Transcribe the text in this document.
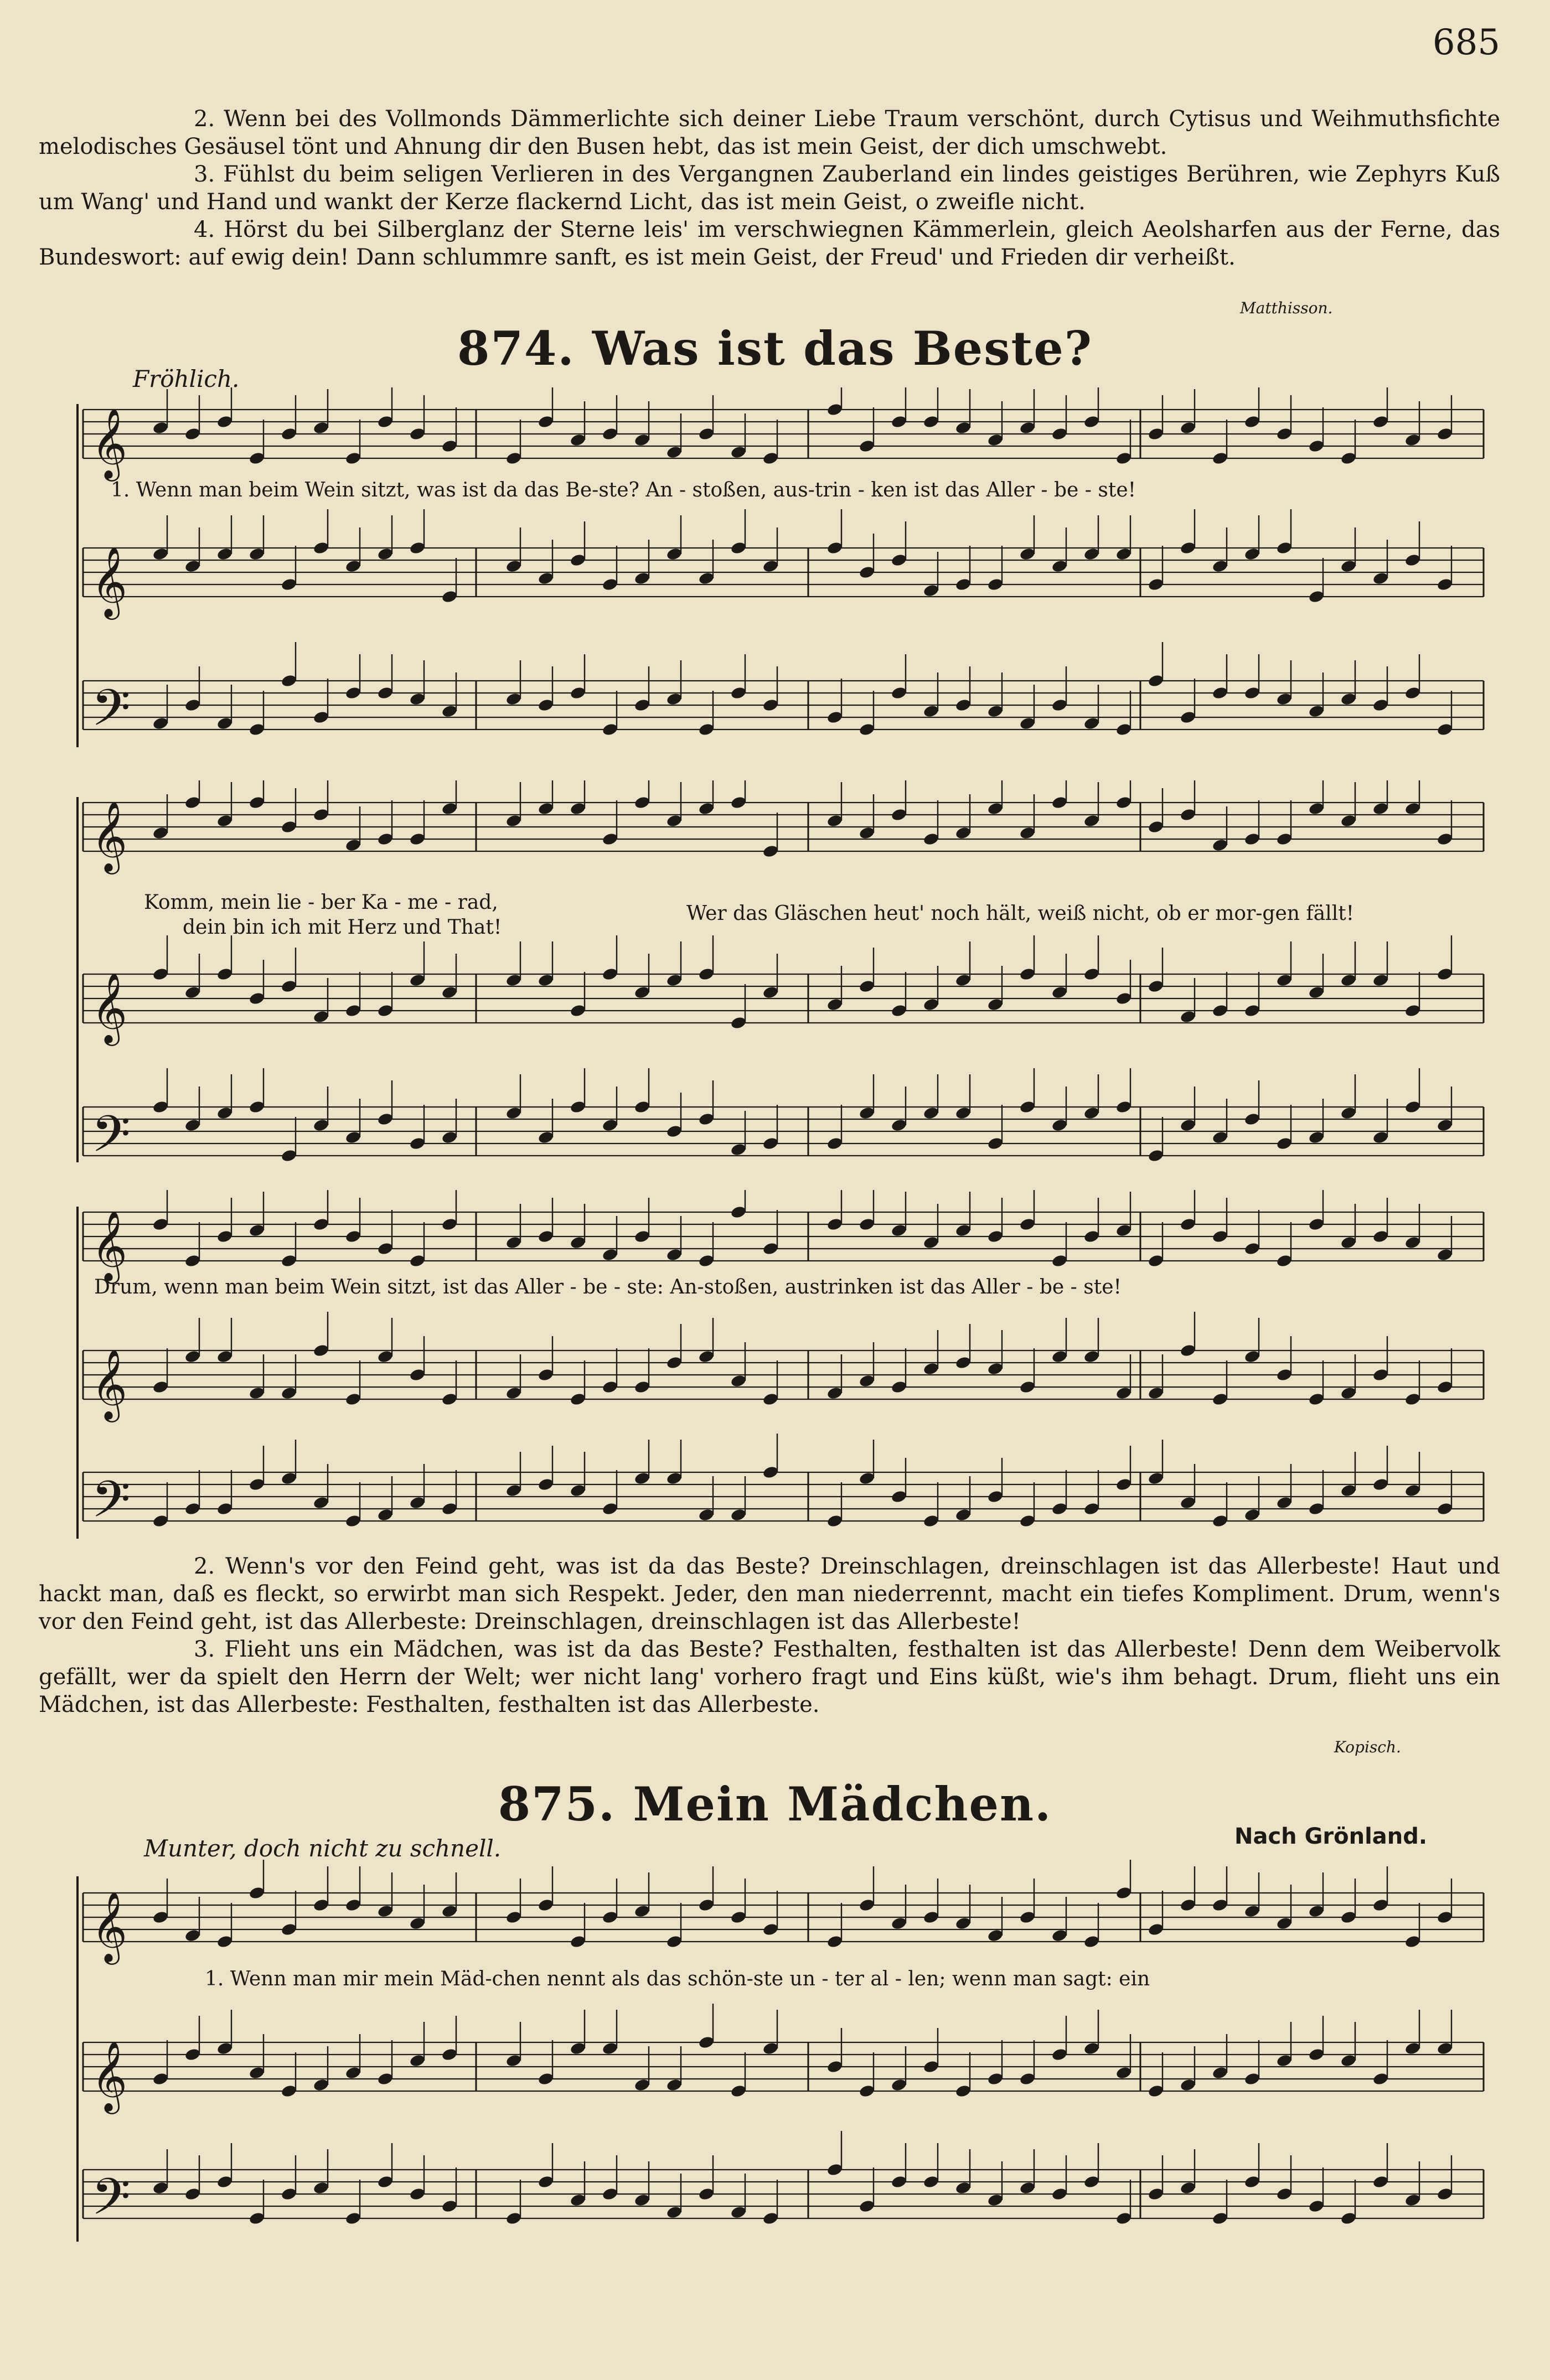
685

2. Wenn bei des Vollmonds Dämmerlichte sich deiner Liebe Traum verschönt, durch Cytisus und Weihmuthsfichte melodisches Gesäusel tönt und Ahnung dir den Busen hebt, das ist mein Geist, der dich umschwebt.

3. Fühlst du beim seligen Verlieren in des Vergangnen Zauberland ein lindes geistiges Berühren, wie Zephyrs Kuß um Wang' und Hand und wankt der Kerze flackernd Licht, das ist mein Geist, o zweifle nicht.

4. Hörst du bei Silberglanz der Sterne leis' im verschwiegnen Kämmerlein, gleich Aeolsharfen aus der Ferne, das Bundeswort: auf ewig dein! Dann schlummre sanft, es ist mein Geist, der Freud' und Frieden dir verheißt.

Matthisson.
874. Was ist das Beste?
Fröhlich.
𝄞
𝄞
𝄢
1. Wenn man beim Wein sitzt, was ist da das Be-ste? An - stoßen, aus-trin - ken ist das Aller - be - ste!
𝄞
𝄞
𝄢
Komm, mein lie - ber Ka - me - rad,
dein bin ich mit Herz und That!
Wer das Gläschen heut' noch hält, weiß nicht, ob er mor-gen fällt!
𝄞
𝄞
𝄢
Drum, wenn man beim Wein sitzt, ist das Aller - be - ste: An-stoßen, austrinken ist das Aller - be - ste!

2. Wenn's vor den Feind geht, was ist da das Beste? Dreinschlagen, dreinschlagen ist das Allerbeste! Haut und hackt man, daß es fleckt, so erwirbt man sich Respekt. Jeder, den man niederrennt, macht ein tiefes Kompliment. Drum, wenn's vor den Feind geht, ist das Allerbeste: Dreinschlagen, dreinschlagen ist das Allerbeste!

3. Flieht uns ein Mädchen, was ist da das Beste? Festhalten, festhalten ist das Allerbeste! Denn dem Weibervolk gefällt, wer da spielt den Herrn der Welt; wer nicht lang' vorhero fragt und Eins küßt, wie's ihm behagt. Drum, flieht uns ein Mädchen, ist das Allerbeste: Festhalten, festhalten ist das Allerbeste.

Kopisch.
875. Mein Mädchen.
Munter, doch nicht zu schnell.	Nach Grönland.
𝄞
𝄞
𝄢
1. Wenn man mir mein Mäd-chen nennt als das schön-ste un - ter al - len; wenn man sagt: ein
